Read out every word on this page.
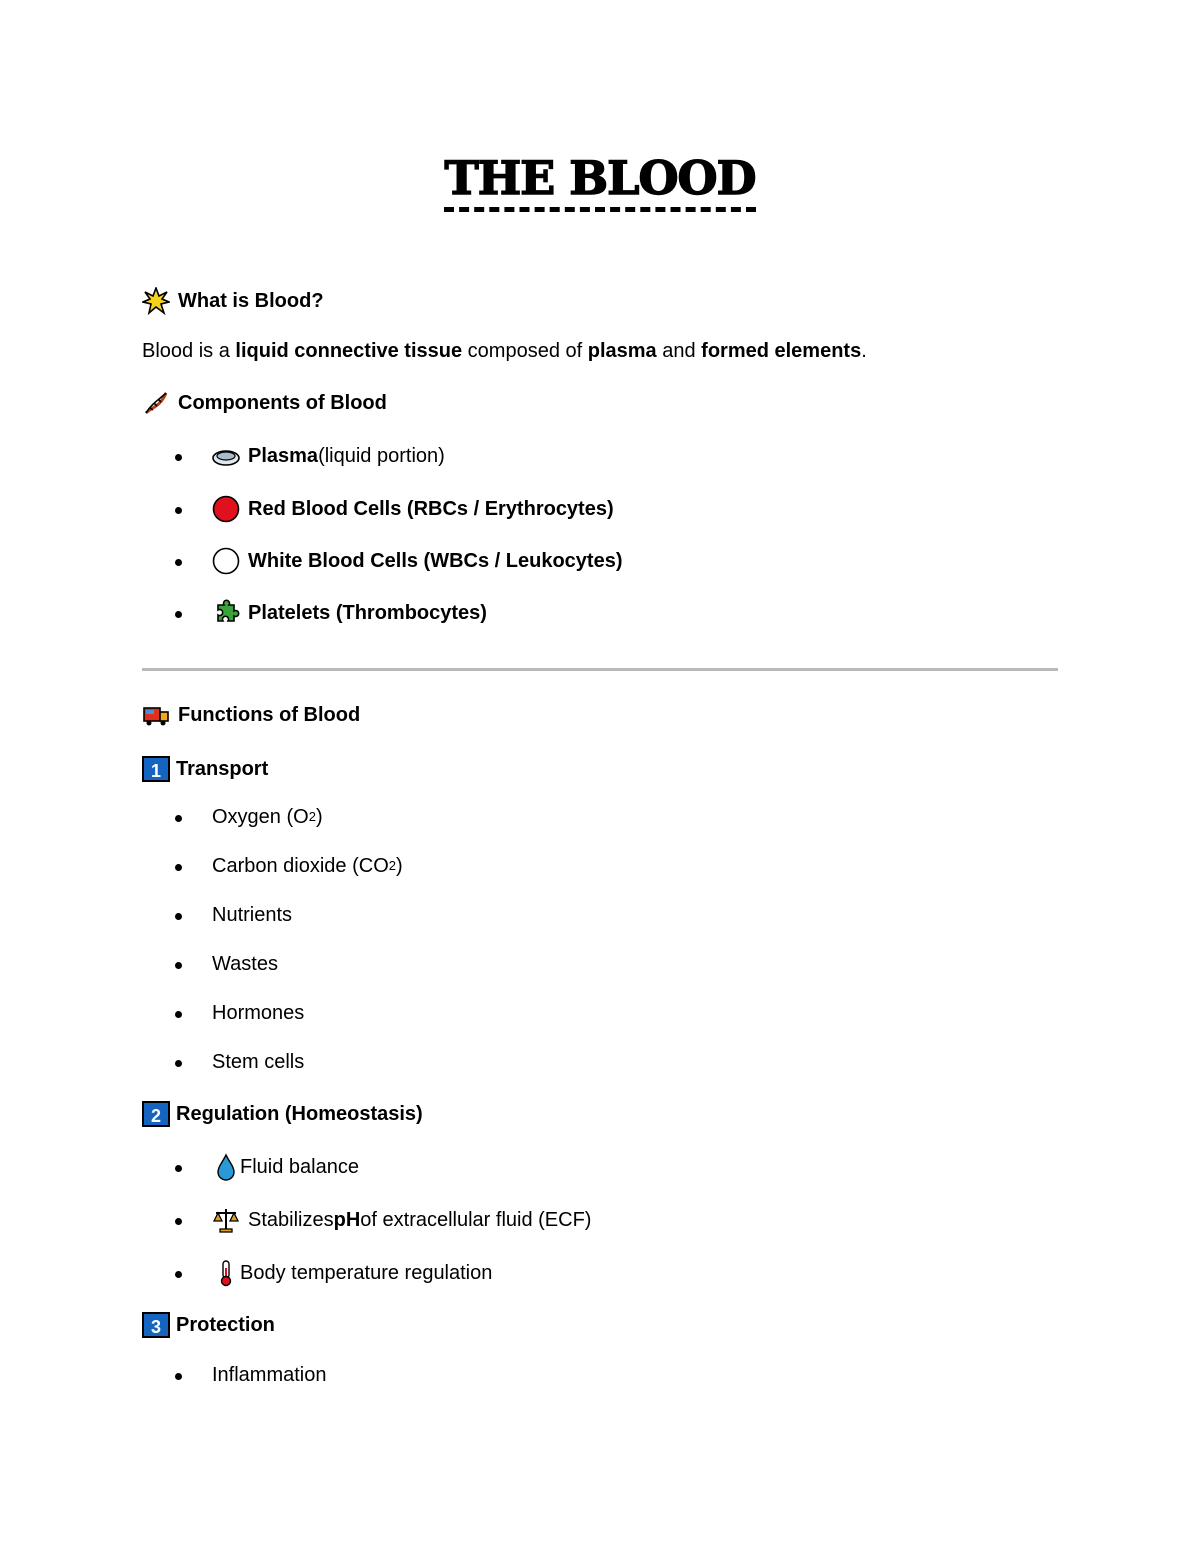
THE BLOOD
What is Blood?
Blood is a liquid connective tissue composed of plasma and formed elements.
Components of Blood
Plasma (liquid portion)
Red Blood Cells (RBCs / Erythrocytes)
White Blood Cells (WBCs / Leukocytes)
Platelets (Thrombocytes)
Functions of Blood
1 Transport
Oxygen (O 2 )
Carbon dioxide (CO 2 )
Nutrients
Wastes
Hormones
Stem cells
2 Regulation (Homeostasis)
Fluid balance
Stabilizes pH of extracellular fluid (ECF)
Body temperature regulation
3 Protection
Inflammation
